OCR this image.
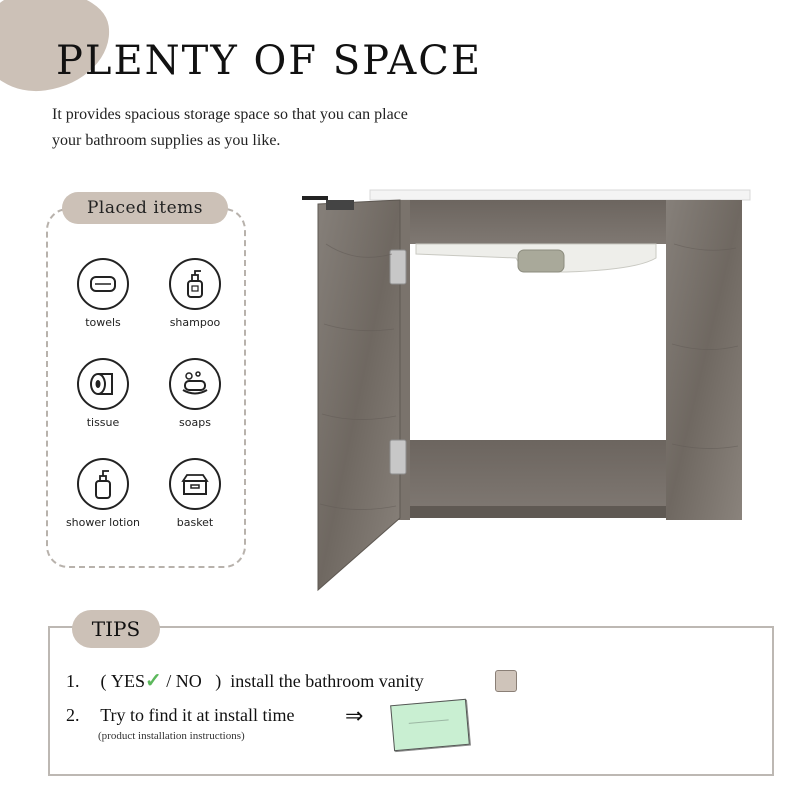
PLENTY OF SPACE
It provides spacious storage space so that you can place your bathroom supplies as you like.
Placed items
towels	shampoo
tissue	soaps
shower lotion	basket
TIPS
1. ( YES✓ / NO ) install the bathroom vanity
2. Try to find it at install time ⇒
(product installation instructions)
